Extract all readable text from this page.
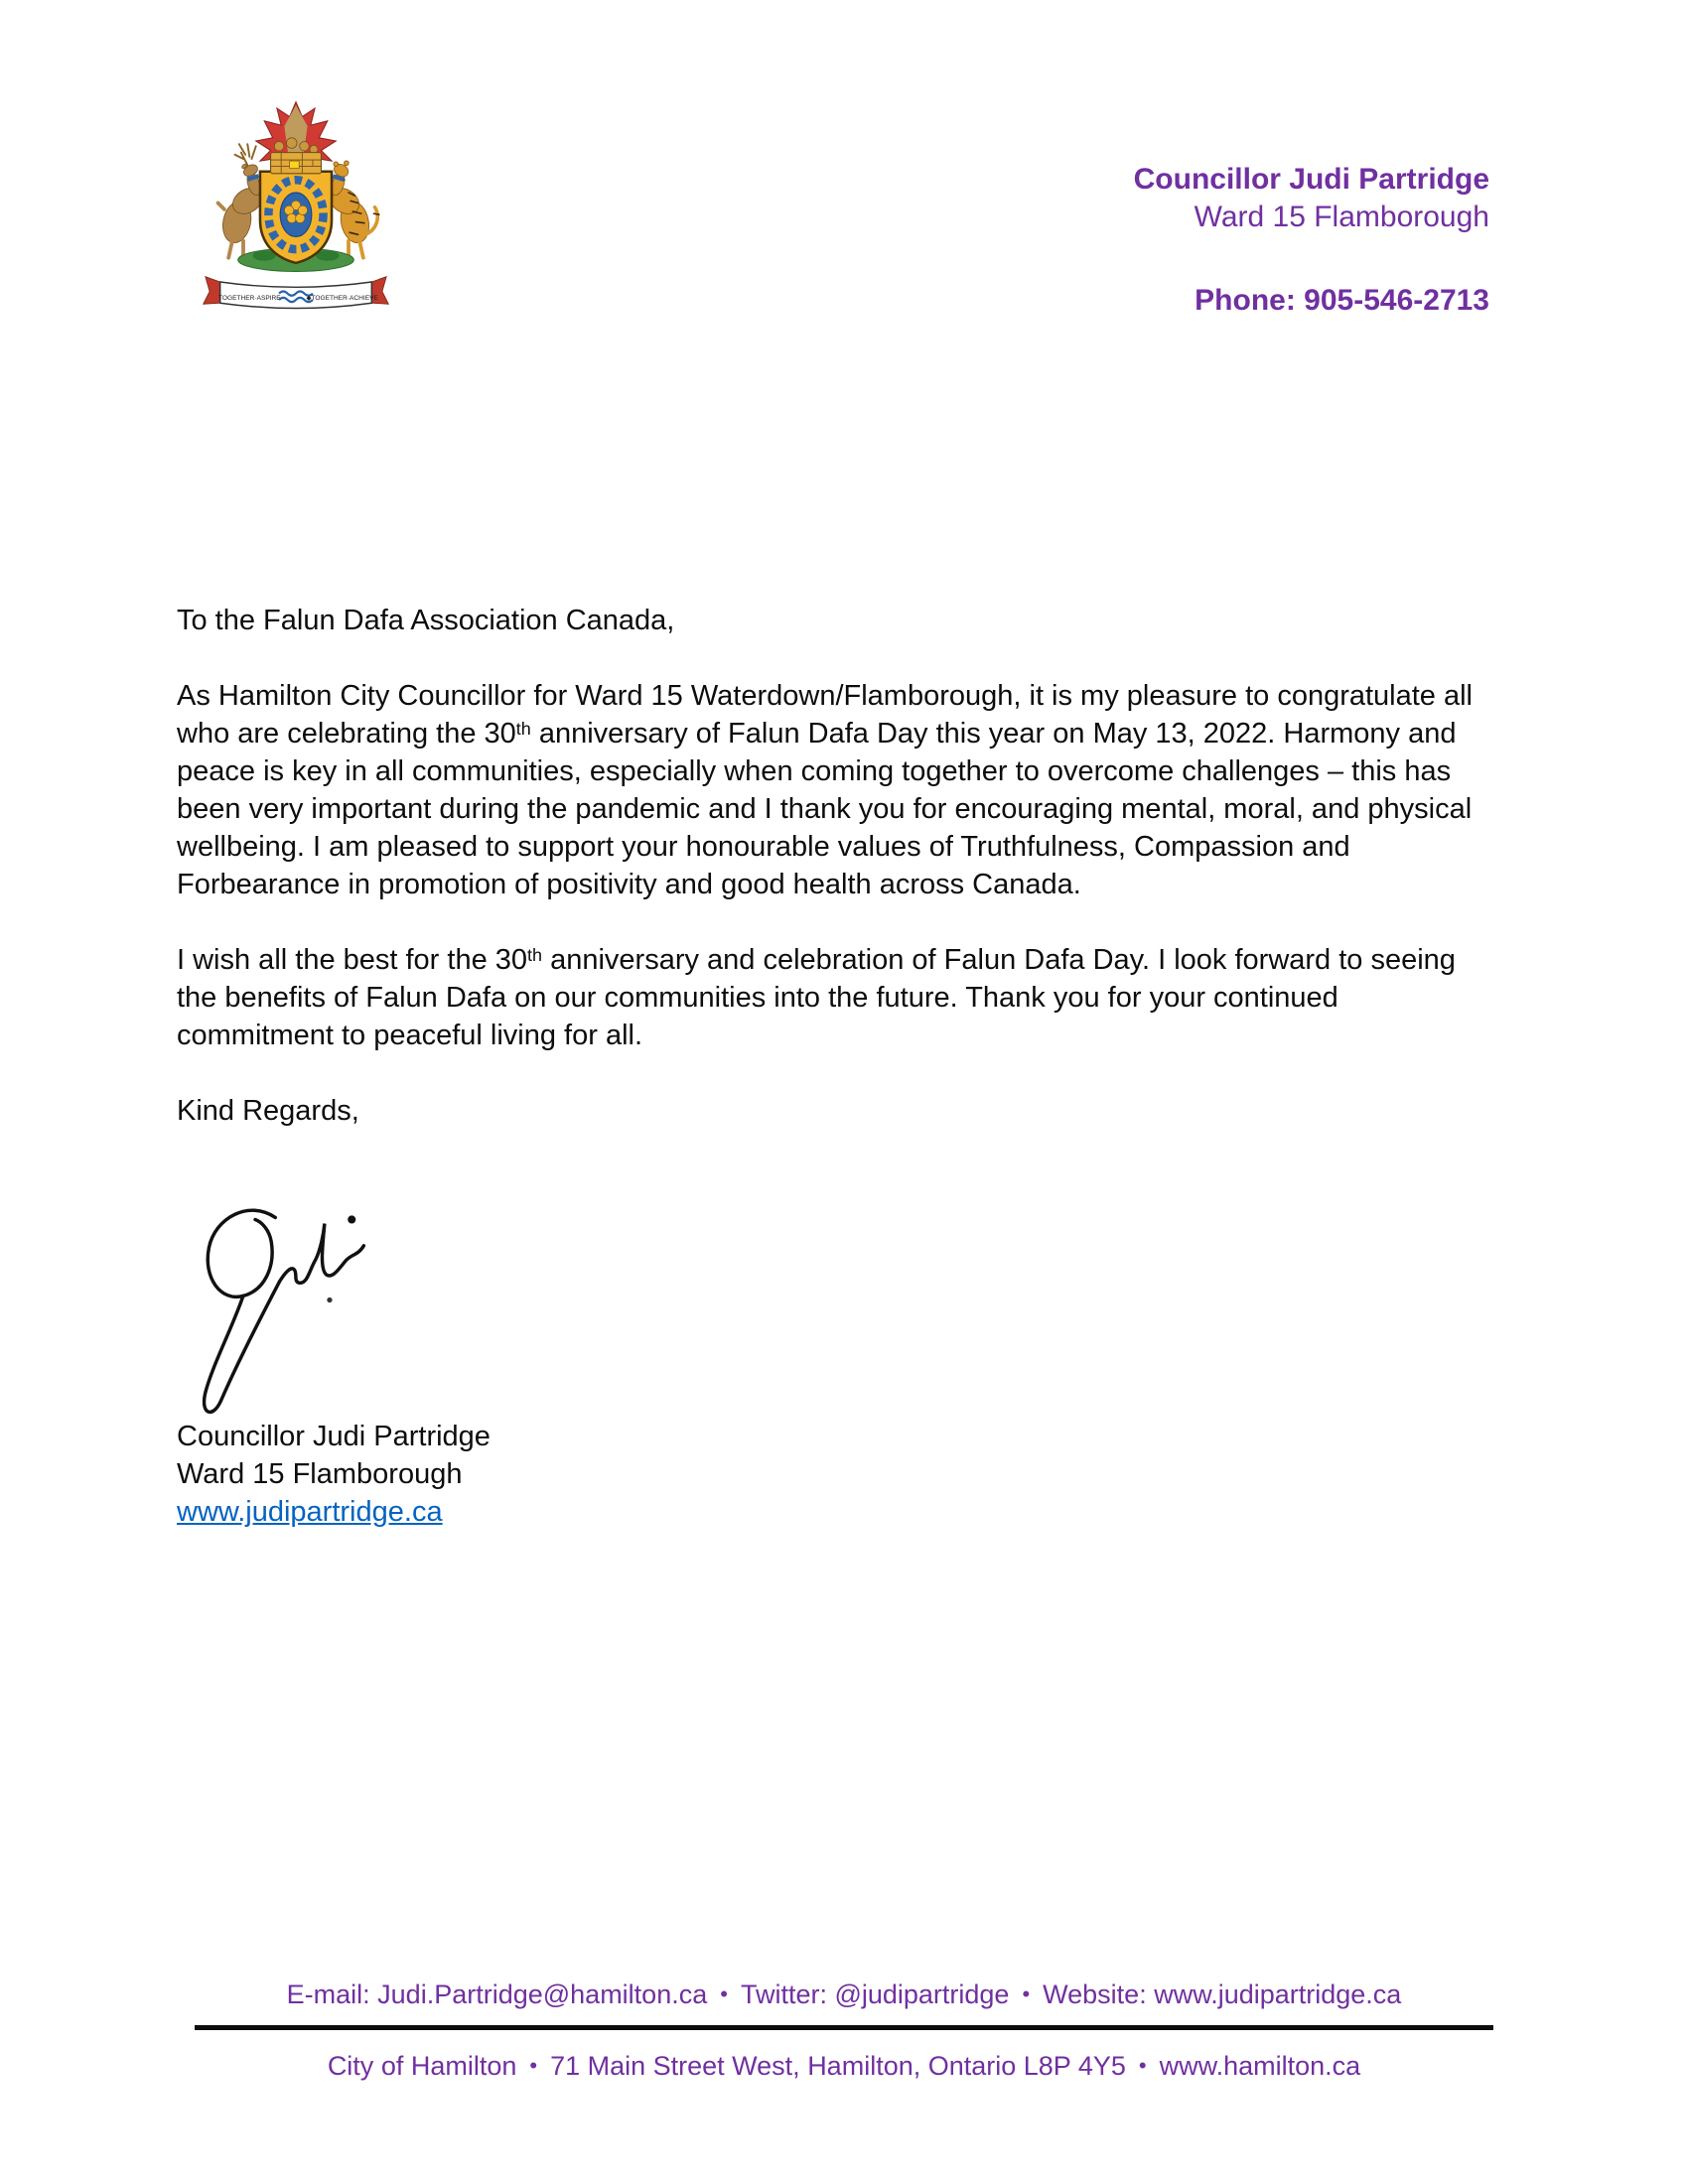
TOGETHER·ASPIRE	◆TOGETHER·ACHIEVE
Councillor Judi Partridge
Ward 15 Flamborough
Phone: 905-546-2713

To the Falun Dafa Association Canada,

As Hamilton City Councillor for Ward 15 Waterdown/Flamborough, it is my pleasure to congratulate all who are celebrating the 30th anniversary of Falun Dafa Day this year on May 13, 2022. Harmony and peace is key in all communities, especially when coming together to overcome challenges – this has been very important during the pandemic and I thank you for encouraging mental, moral, and physical wellbeing. I am pleased to support your honourable values of Truthfulness, Compassion and Forbearance in promotion of positivity and good health across Canada.

I wish all the best for the 30th anniversary and celebration of Falun Dafa Day. I look forward to seeing the benefits of Falun Dafa on our communities into the future. Thank you for your continued commitment to peaceful living for all.

Kind Regards,

Councillor Judi Partridge
Ward 15 Flamborough
www.judipartridge.ca
E-mail: Judi.Partridge@hamilton.ca • Twitter: @judipartridge • Website: www.judipartridge.ca
City of Hamilton • 71 Main Street West, Hamilton, Ontario L8P 4Y5 • www.hamilton.ca
